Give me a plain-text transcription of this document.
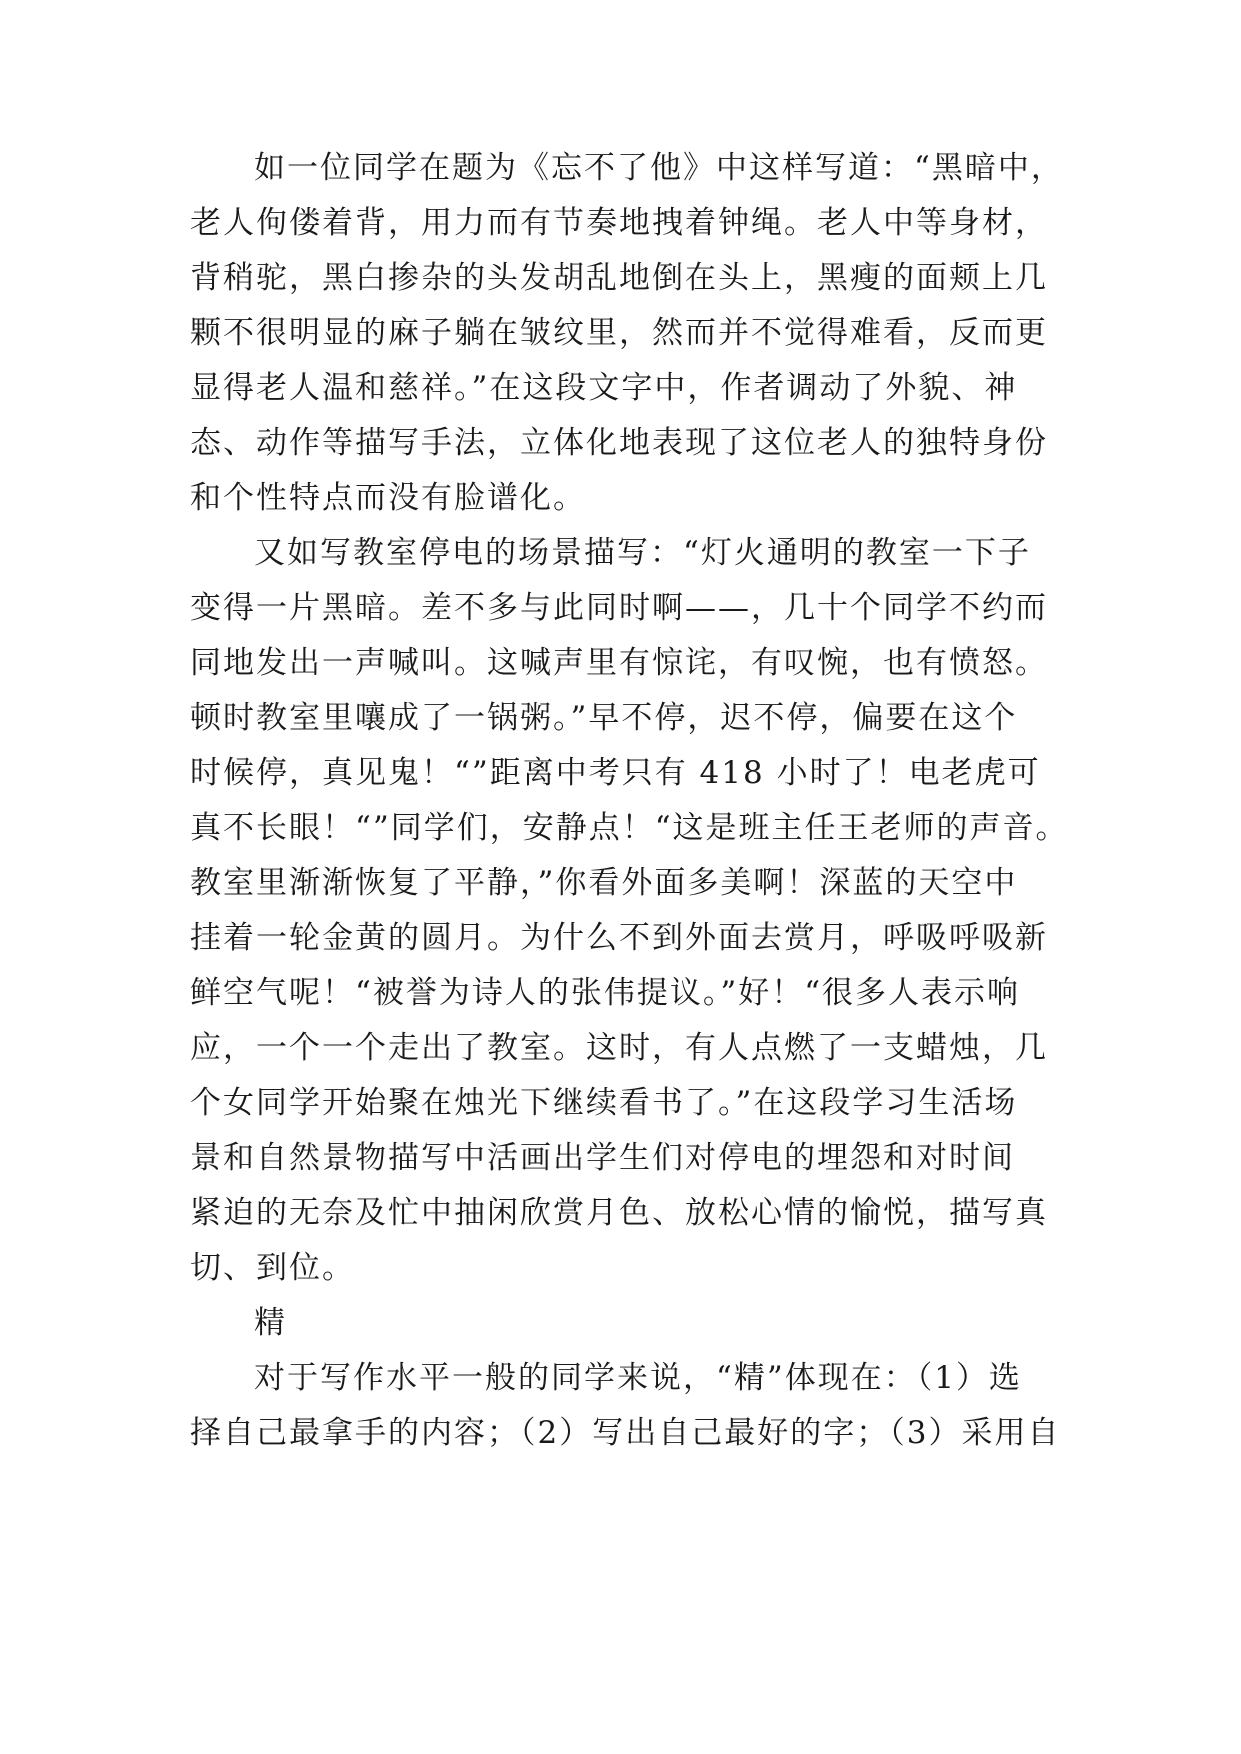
如一位同学在题为《忘不了他》中这样写道：“黑暗中，
老人佝偻着背，用力而有节奏地拽着钟绳。老人中等身材，
背稍驼，黑白掺杂的头发胡乱地倒在头上，黑瘦的面颊上几
颗不很明显的麻子躺在皱纹里，然而并不觉得难看，反而更
显得老人温和慈祥。”在这段文字中，作者调动了外貌、神
态、动作等描写手法，立体化地表现了这位老人的独特身份
和个性特点而没有脸谱化。
又如写教室停电的场景描写：“灯火通明的教室一下子
变得一片黑暗。差不多与此同时啊——，几十个同学不约而
同地发出一声喊叫。这喊声里有惊诧，有叹惋，也有愤怒。
顿时教室里嚷成了一锅粥。”早不停，迟不停，偏要在这个
时候停，真见鬼！“”距离中考只有 418 小时了！电老虎可
真不长眼！“”同学们，安静点！“这是班主任王老师的声音。
教室里渐渐恢复了平静，”你看外面多美啊！深蓝的天空中
挂着一轮金黄的圆月。为什么不到外面去赏月，呼吸呼吸新
鲜空气呢！“被誉为诗人的张伟提议。”好！“很多人表示响
应，一个一个走出了教室。这时，有人点燃了一支蜡烛，几
个女同学开始聚在烛光下继续看书了。”在这段学习生活场
景和自然景物描写中活画出学生们对停电的埋怨和对时间
紧迫的无奈及忙中抽闲欣赏月色、放松心情的愉悦，描写真
切、到位。
精
对于写作水平一般的同学来说，“精”体现在：（1）选
择自己最拿手的内容；（2）写出自己最好的字；（3）采用自
